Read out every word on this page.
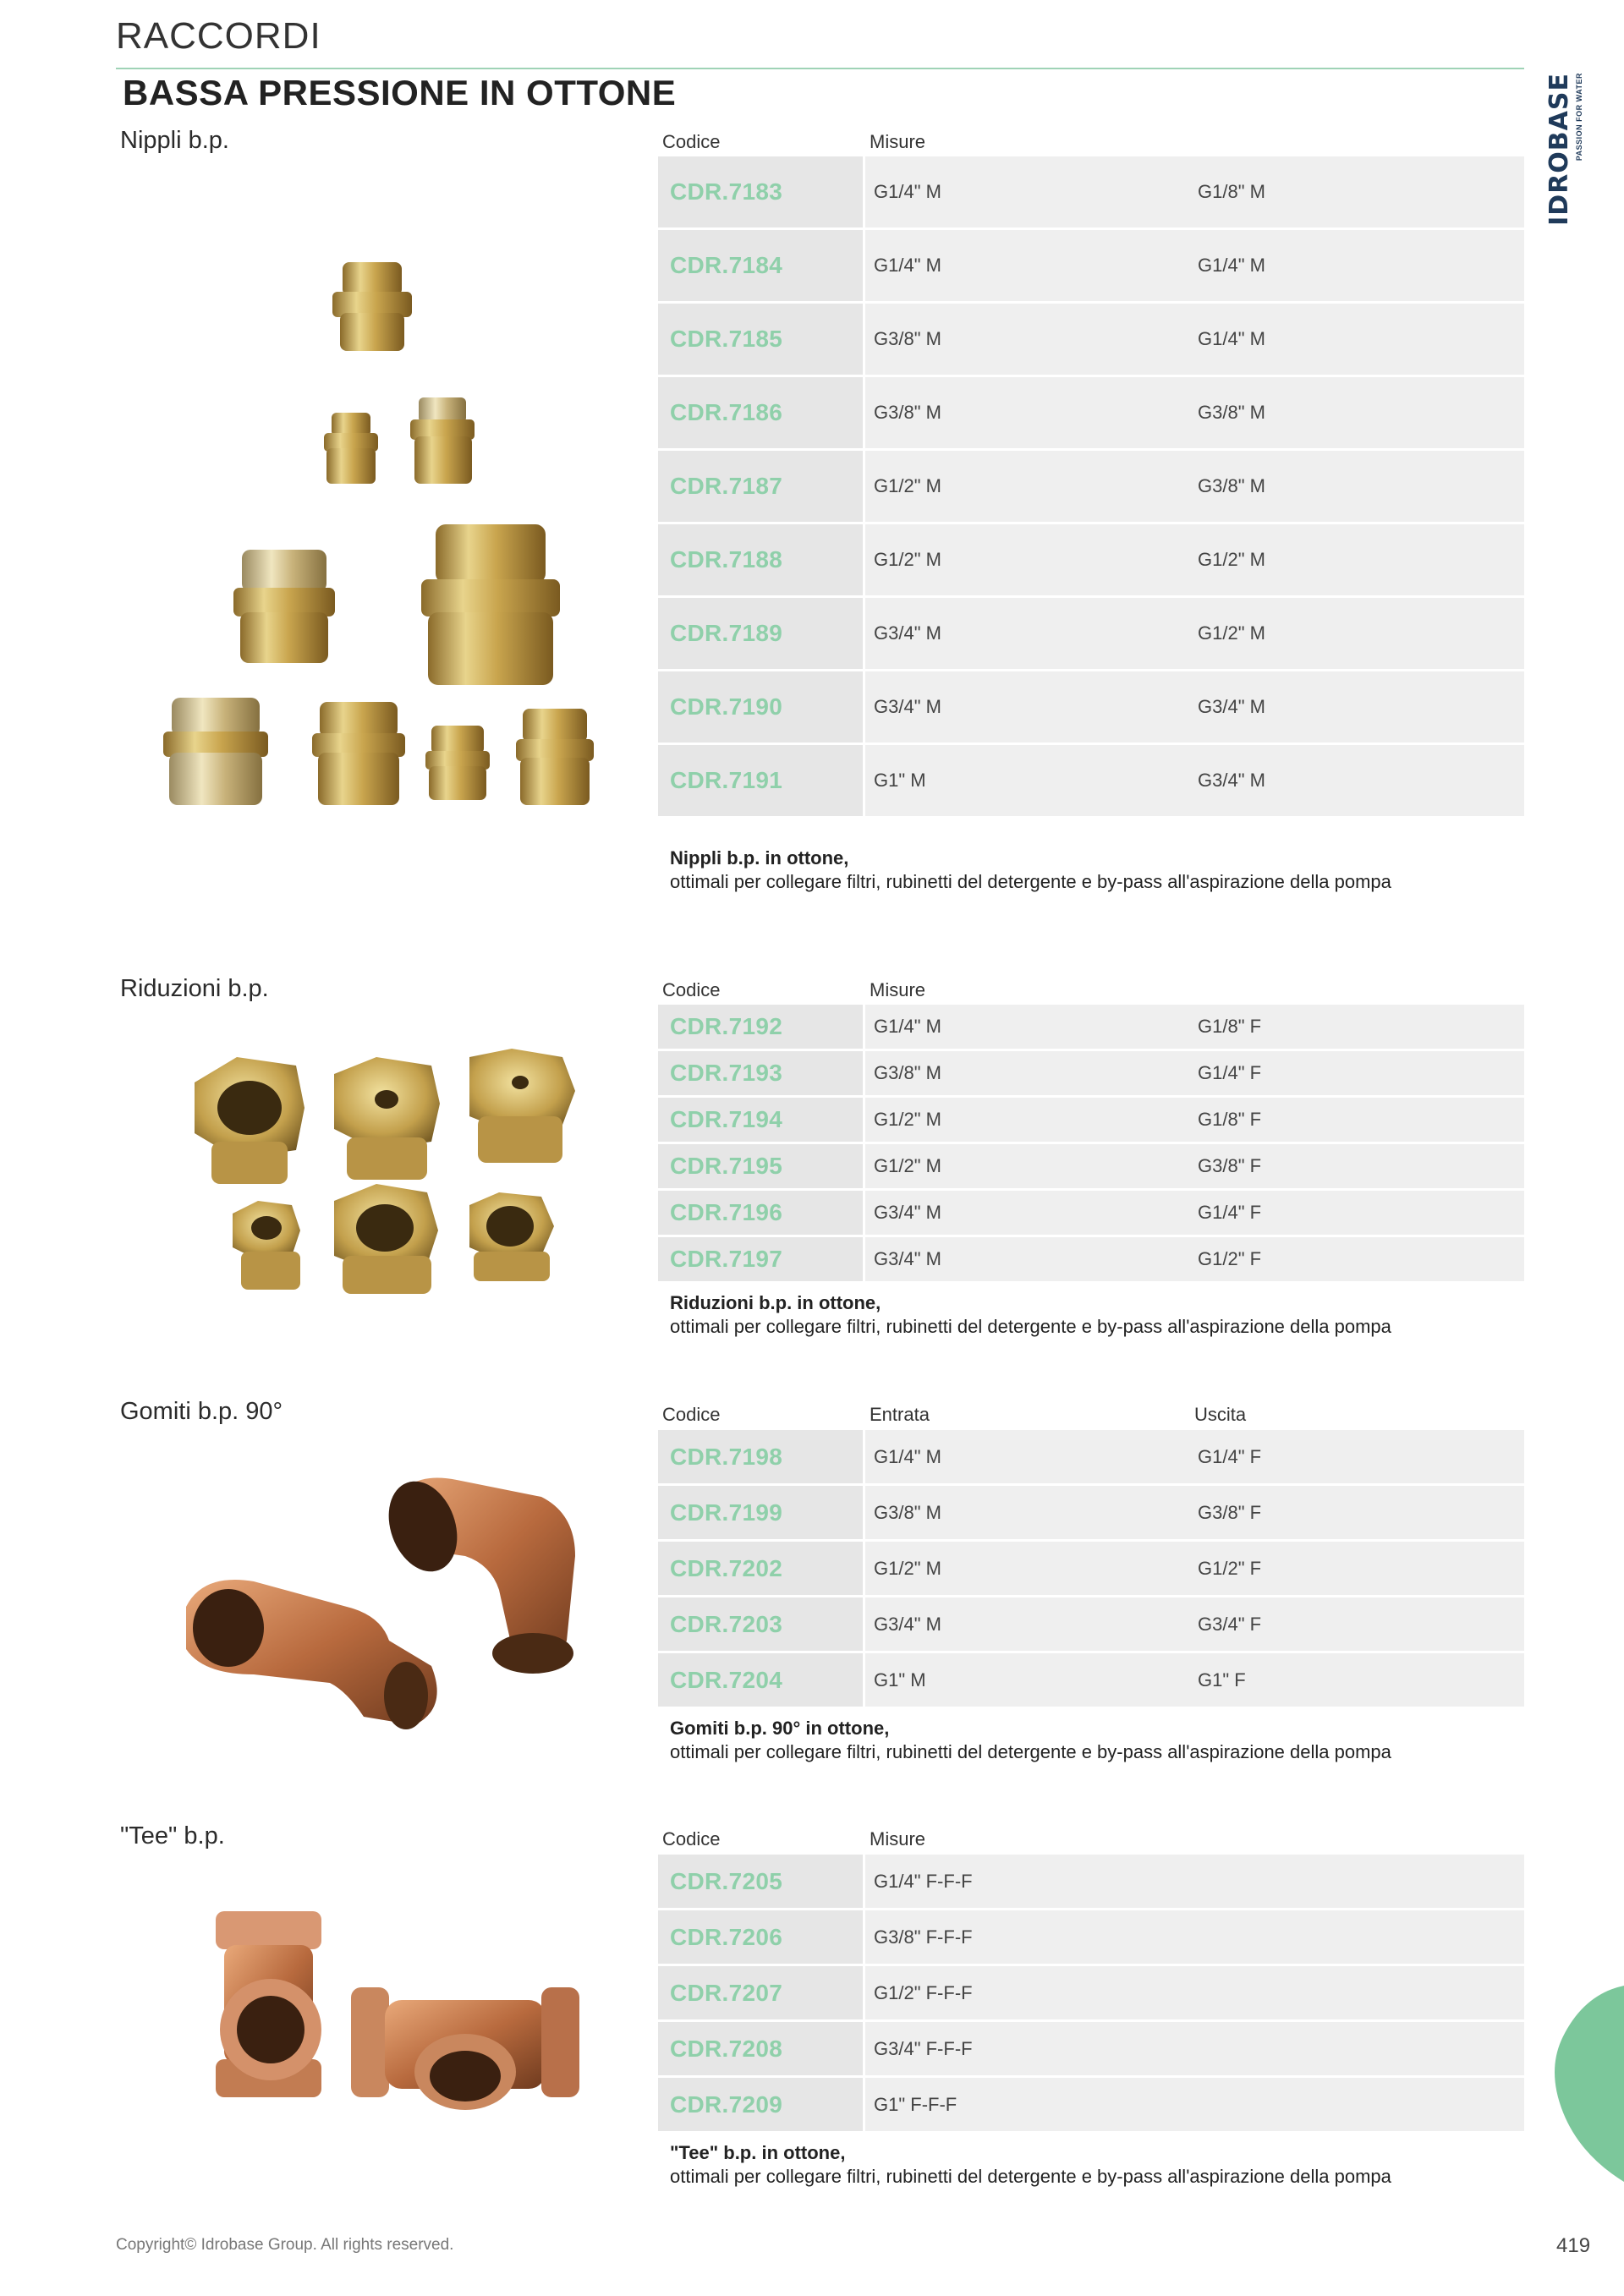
RACCORDI
BASSA PRESSIONE IN OTTONE	IDROBASE PASSION FOR WATER
Nippli b.p.	Codice	Misure
CDR.7183	G1/4" M	G1/8" M
CDR.7184	G1/4" M	G1/4" M
CDR.7185	G3/8" M	G1/4" M
CDR.7186	G3/8" M	G3/8" M
CDR.7187	G1/2" M	G3/8" M
CDR.7188	G1/2" M	G1/2" M
CDR.7189	G3/4" M	G1/2" M
CDR.7190	G3/4" M	G3/4" M
CDR.7191	G1" M	G3/4" M
Nippli b.p. in ottone,
ottimali per collegare filtri, rubinetti del detergente e by-pass all'aspirazione della pompa
Riduzioni b.p.	Codice	Misure
CDR.7192	G1/4" M	G1/8" F
CDR.7193	G3/8" M	G1/4" F
CDR.7194	G1/2" M	G1/8" F
CDR.7195	G1/2" M	G3/8" F
CDR.7196	G3/4" M	G1/4" F
CDR.7197	G3/4" M	G1/2" F
Riduzioni b.p. in ottone,
ottimali per collegare filtri, rubinetti del detergente e by-pass all'aspirazione della pompa
Gomiti b.p. 90°	Codice	Entrata	Uscita
CDR.7198	G1/4" M	G1/4" F
CDR.7199	G3/8" M	G3/8" F
CDR.7202	G1/2" M	G1/2" F
CDR.7203	G3/4" M	G3/4" F
CDR.7204	G1" M	G1" F
Gomiti b.p. 90° in ottone,
ottimali per collegare filtri, rubinetti del detergente e by-pass all'aspirazione della pompa
"Tee" b.p.	Codice	Misure
CDR.7205	G1/4" F-F-F
CDR.7206	G3/8" F-F-F
CDR.7207	G1/2" F-F-F
CDR.7208	G3/4" F-F-F
CDR.7209	G1" F-F-F
"Tee" b.p. in ottone,
ottimali per collegare filtri, rubinetti del detergente e by-pass all'aspirazione della pompa
Copyright© Idrobase Group. All rights reserved.	419
